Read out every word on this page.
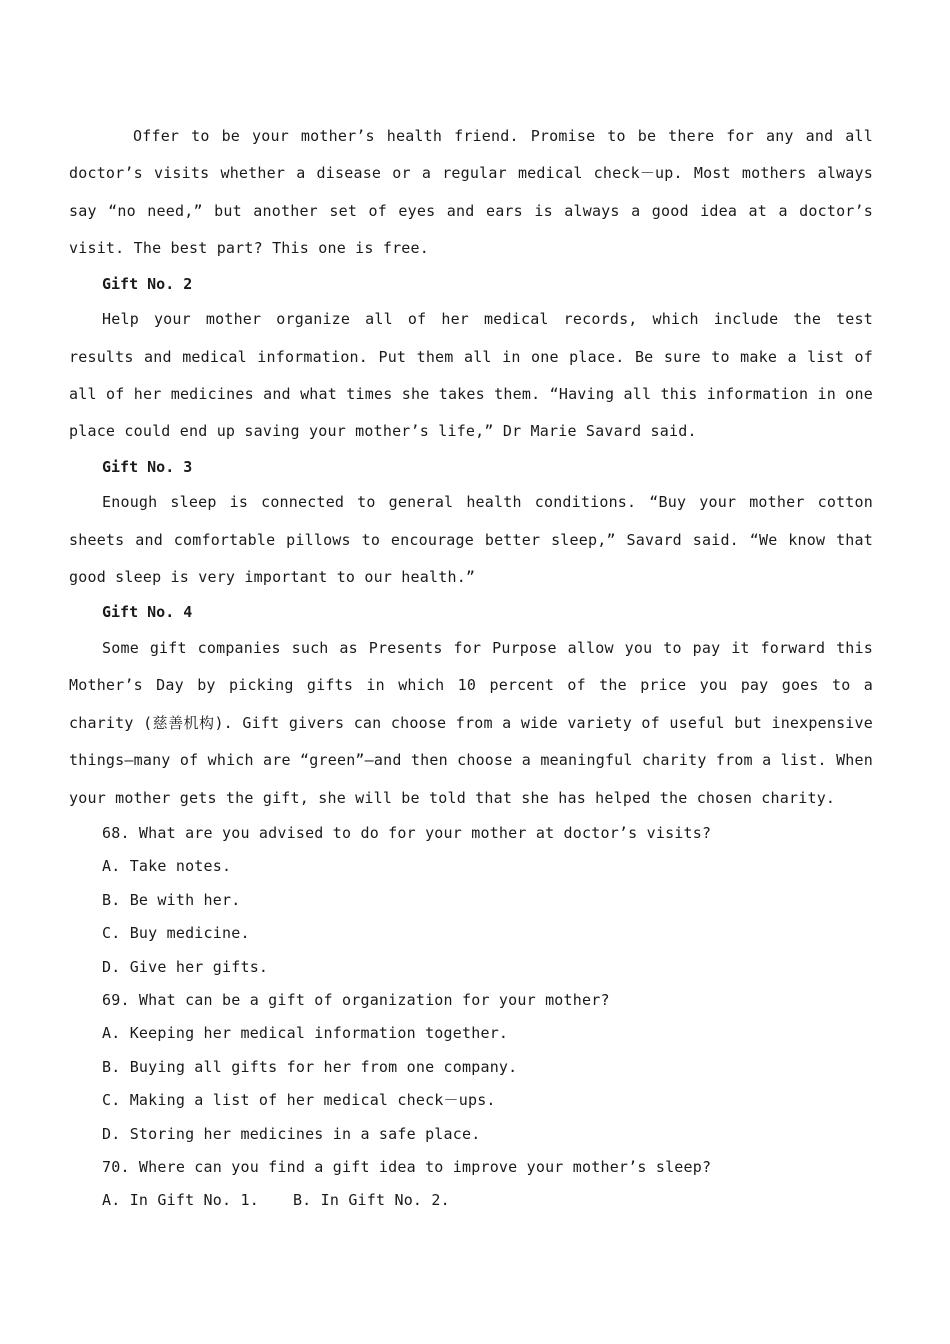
Offer to be your mother’s health friend. Promise to be there for any and all doctor’s visits whether a disease or a regular medical check－up. Most mothers always say “no need,” but another set of eyes and ears is always a good idea at a doctor’s visit. The best part? This one is free.

Gift No. 2

Help your mother organize all of her medical records, which include the test results and medical information. Put them all in one place. Be sure to make a list of all of her medicines and what times she takes them. “Having all this information in one place could end up saving your mother’s life,” Dr Marie Savard said.

Gift No. 3

Enough sleep is connected to general health conditions. “Buy your mother cotton sheets and comfortable pillows to encourage better sleep,” Savard said. “We know that good sleep is very important to our health.”

Gift No. 4

Some gift companies such as Presents for Purpose allow you to pay it forward this Mother’s Day by picking gifts in which 10 percent of the price you pay goes to a charity (慈善机构). Gift givers can choose from a wide variety of useful but inexpensive things—many of which are “green”—and then choose a meaningful charity from a list. When your mother gets the gift, she will be told that she has helped the chosen charity.

68. What are you advised to do for your mother at doctor’s visits?

A. Take notes.

B. Be with her.

C. Buy medicine.

D. Give her gifts.

69. What can be a gift of organization for your mother?

A. Keeping her medical information together.

B. Buying all gifts for her from one company.

C. Making a list of her medical check－ups.

D. Storing her medicines in a safe place.

70. Where can you find a gift idea to improve your mother’s sleep?

A. In Gift No. 1. B. In Gift No. 2.
